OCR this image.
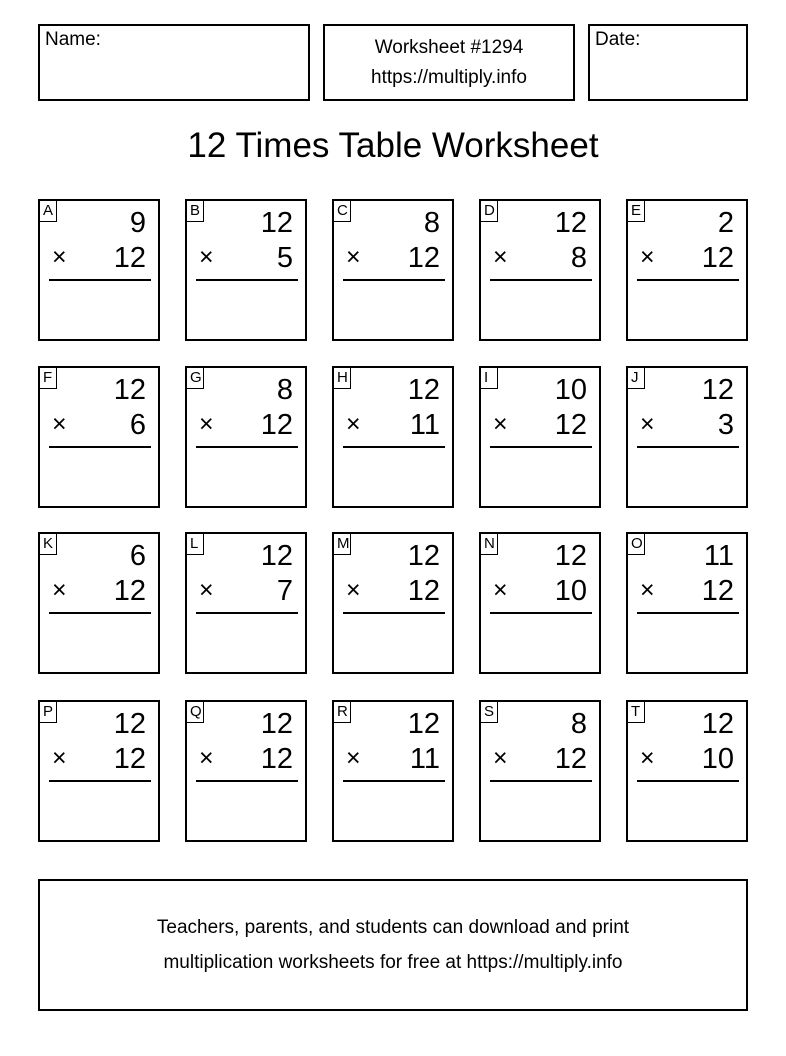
Name:	Worksheet #1294
https://multiply.info
Date:
12 Times Table Worksheet
A	9
× 12
B 12
× 5
C	8
× 12
D 12
× 8
E	2
× 12
F 12
× 6
G	8
× 12
H 12
× 11
I	10
× 12
J 12
× 3
K	6
× 12
L 12
× 7
M 12
× 12
N 12
× 10
O 11
× 12
P 12
× 12
Q 12
× 12
R 12
× 11
S	8
× 12
T 12
× 10
Teachers, parents, and students can download and print
multiplication worksheets for free at https://multiply.info
